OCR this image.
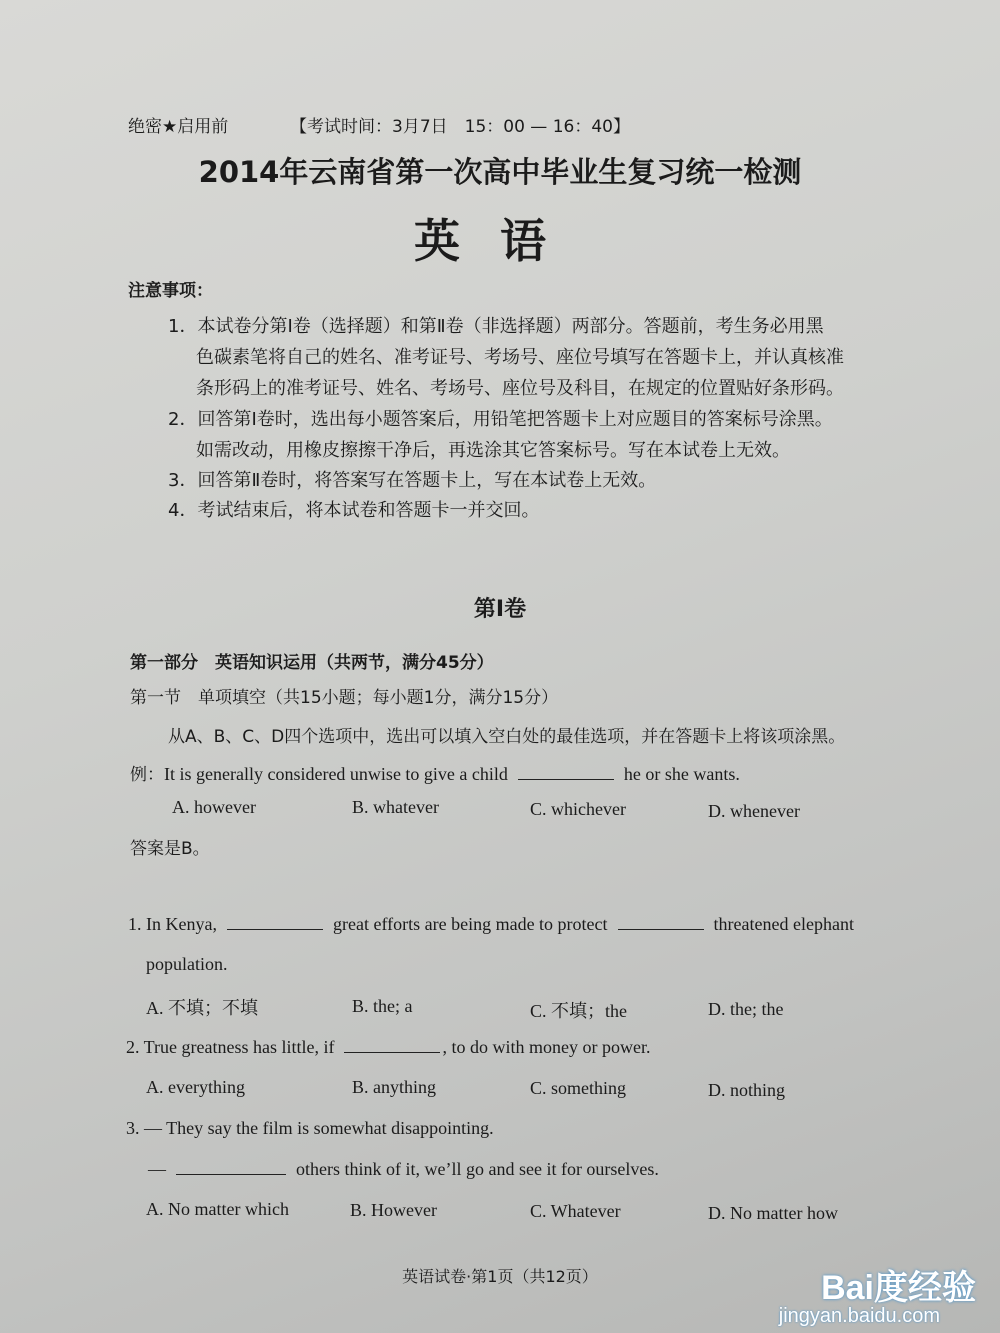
绝密★启用前	【考试时间：3月7日　15：00 — 16：40】
2014年云南省第一次高中毕业生复习统一检测
英语
注意事项：
1．本试卷分第Ⅰ卷（选择题）和第Ⅱ卷（非选择题）两部分。答题前，考生务必用黑
色碳素笔将自己的姓名、准考证号、考场号、座位号填写在答题卡上，并认真核准
条形码上的准考证号、姓名、考场号、座位号及科目，在规定的位置贴好条形码。
2．回答第Ⅰ卷时，选出每小题答案后，用铅笔把答题卡上对应题目的答案标号涂黑。
如需改动，用橡皮擦擦干净后，再选涂其它答案标号。写在本试卷上无效。
3．回答第Ⅱ卷时，将答案写在答题卡上，写在本试卷上无效。
4．考试结束后，将本试卷和答题卡一并交回。
第Ⅰ卷
第一部分　英语知识运用（共两节，满分45分）
第一节　单项填空（共15小题；每小题1分，满分15分）
从A、B、C、D四个选项中，选出可以填入空白处的最佳选项，并在答题卡上将该项涂黑。
例：It is generally considered unwise to give a child	he or she wants.
A. however	B. whatever	C. whichever	D. whenever
答案是B。
1. In Kenya,	great efforts are being made to protect	threatened elephant
population.
A. 不填；不填	B. the; a	C. 不填；the	D. the; the
2. True greatness has little, if	, to do with money or power.
A. everything	B. anything	C. something	D. nothing
3. — They say the film is somewhat disappointing.
—	others think of it, we’ll go and see it for ourselves.
A. No matter which	B. However	C. Whatever	D. No matter how
英语试卷·第1页（共12页）	Bai度经验
jingyan.baidu.com
